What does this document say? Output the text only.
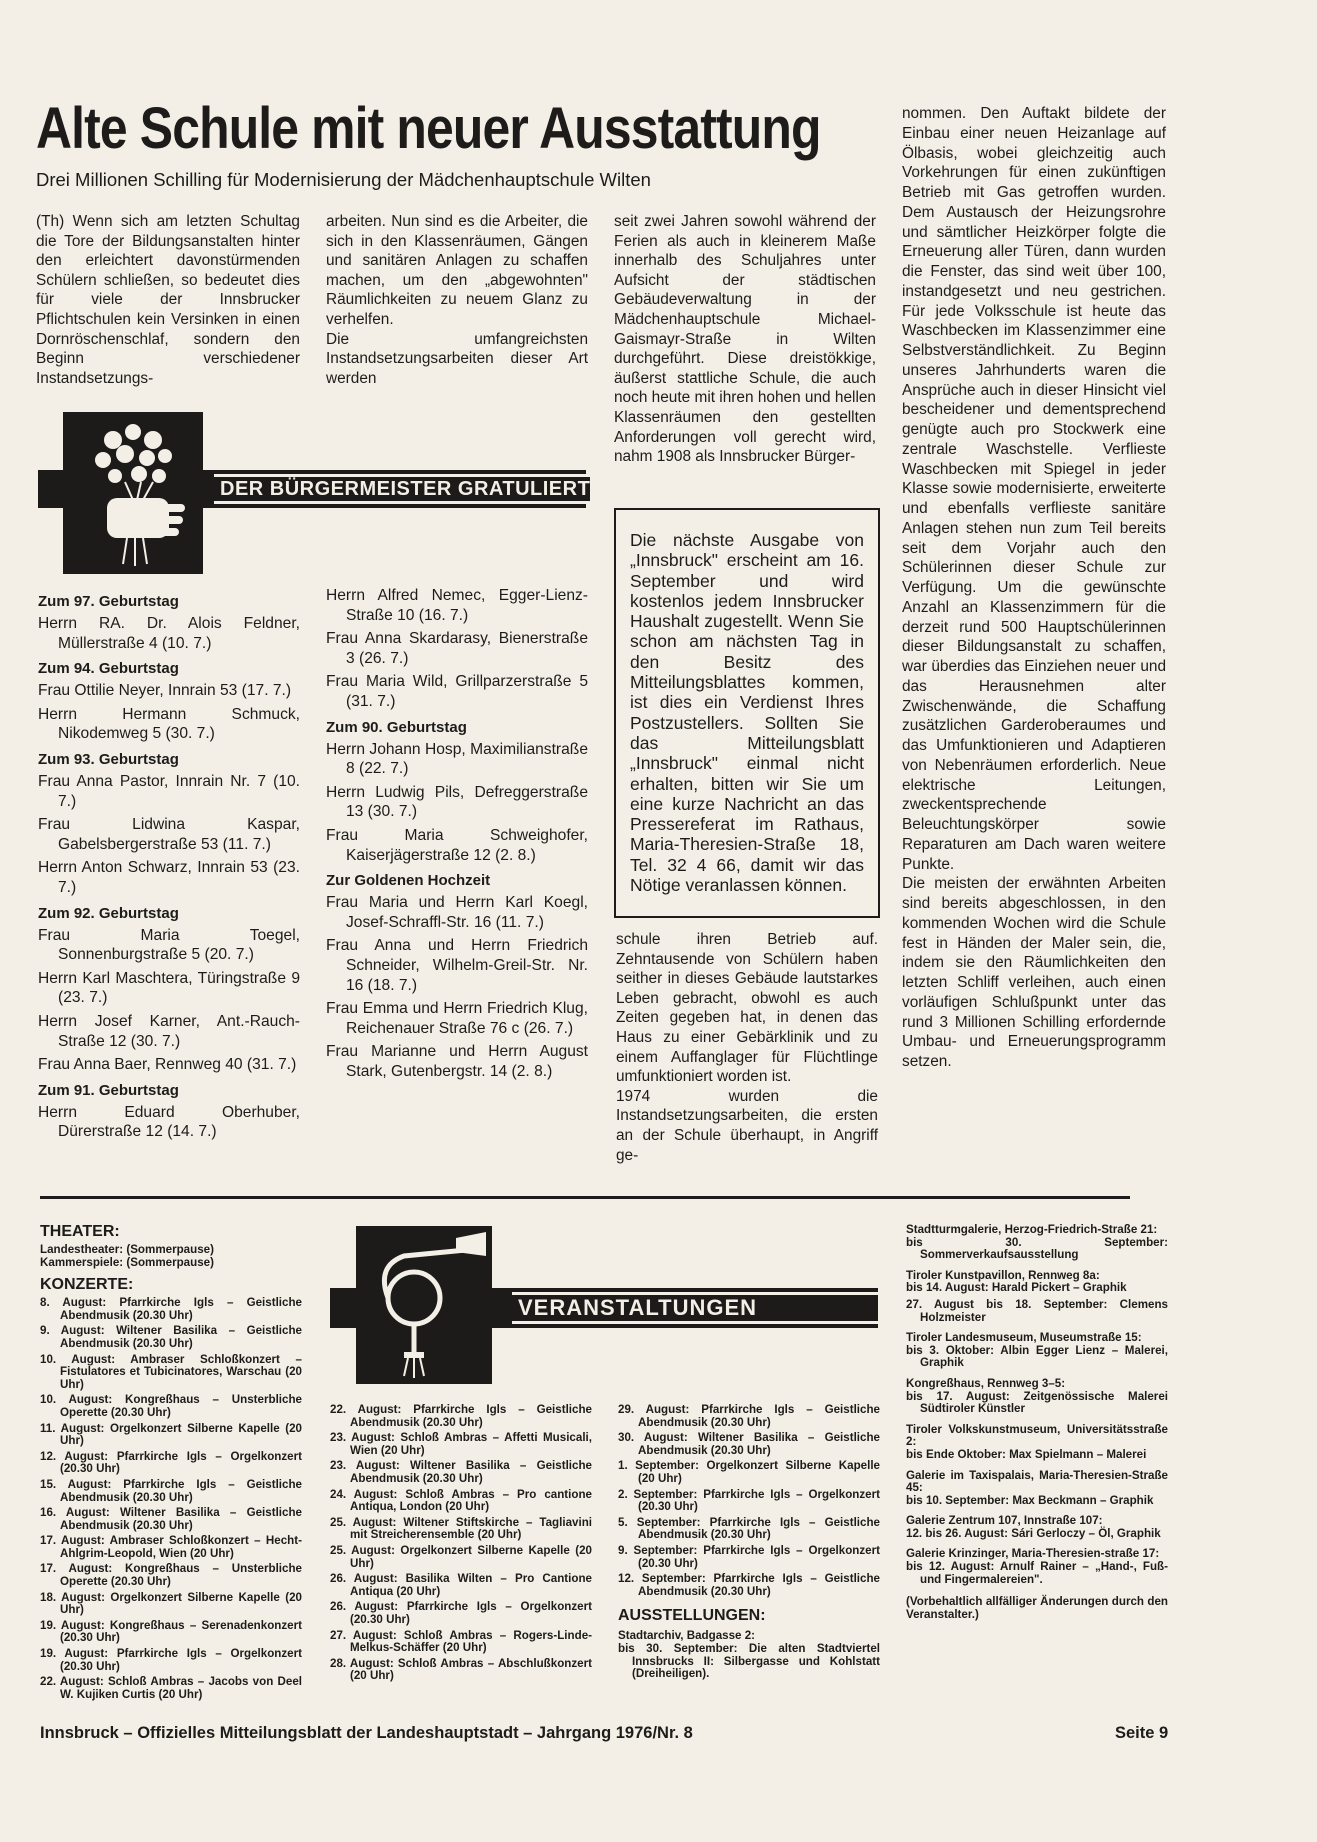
Alte Schule mit neuer Ausstattung
Drei Millionen Schilling für Modernisierung der Mädchenhauptschule Wilten

(Th) Wenn sich am letzten Schultag die Tore der Bildungsanstalten hinter den erleichtert davonstürmenden Schülern schließen, so bedeutet dies für viele der Innsbrucker Pflichtschulen kein Versinken in einen Dornröschenschlaf, sondern den Beginn verschiedener Instandsetzungs-

arbeiten. Nun sind es die Arbeiter, die sich in den Klassenräumen, Gängen und sanitären Anlagen zu schaffen machen, um den „abgewohnten" Räumlichkeiten zu neuem Glanz zu verhelfen.

Die umfangreichsten Instandsetzungsarbeiten dieser Art werden

seit zwei Jahren sowohl während der Ferien als auch in kleinerem Maße innerhalb des Schuljahres unter Aufsicht der städtischen Gebäudeverwaltung in der Mädchenhauptschule Michael-Gaismayr-Straße in Wilten durchgeführt. Diese dreistökkige, äußerst stattliche Schule, die auch noch heute mit ihren hohen und hellen Klassenräumen den gestellten Anforderungen voll gerecht wird, nahm 1908 als Innsbrucker Bürger-

DER BÜRGERMEISTER GRATULIERTE
Zum 97. Geburtstag
Herrn RA. Dr. Alois Feldner, Müllerstraße 4 (10. 7.)
Zum 94. Geburtstag
Frau Ottilie Neyer, Innrain 53 (17. 7.)
Herrn Hermann Schmuck, Nikodemweg 5 (30. 7.)
Zum 93. Geburtstag
Frau Anna Pastor, Innrain Nr. 7 (10. 7.)
Frau Lidwina Kaspar, Gabelsbergerstraße 53 (11. 7.)
Herrn Anton Schwarz, Innrain 53 (23. 7.)
Zum 92. Geburtstag
Frau Maria Toegel, Sonnenburgstraße 5 (20. 7.)
Herrn Karl Maschtera, Türingstraße 9 (23. 7.)
Herrn Josef Karner, Ant.-Rauch-Straße 12 (30. 7.)
Frau Anna Baer, Rennweg 40 (31. 7.)
Zum 91. Geburtstag
Herrn Eduard Oberhuber, Dürerstraße 12 (14. 7.)
Herrn Alfred Nemec, Egger-Lienz-Straße 10 (16. 7.)
Frau Anna Skardarasy, Bienerstraße 3 (26. 7.)
Frau Maria Wild, Grillparzerstraße 5 (31. 7.)
Zum 90. Geburtstag
Herrn Johann Hosp, Maximilianstraße 8 (22. 7.)
Herrn Ludwig Pils, Defreggerstraße 13 (30. 7.)
Frau Maria Schweighofer, Kaiserjägerstraße 12 (2. 8.)
Zur Goldenen Hochzeit
Frau Maria und Herrn Karl Koegl, Josef-Schraffl-Str. 16 (11. 7.)
Frau Anna und Herrn Friedrich Schneider, Wilhelm-Greil-Str. Nr. 16 (18. 7.)
Frau Emma und Herrn Friedrich Klug, Reichenauer Straße 76 c (26. 7.)
Frau Marianne und Herrn August Stark, Gutenbergstr. 14 (2. 8.)
Die nächste Ausgabe von „Innsbruck" erscheint am 16. September und wird kostenlos jedem Innsbrucker Haushalt zugestellt. Wenn Sie schon am nächsten Tag in den Besitz des Mitteilungsblattes kommen, ist dies ein Verdienst Ihres Postzustellers. Sollten Sie das Mitteilungsblatt „Innsbruck" einmal nicht erhalten, bitten wir Sie um eine kurze Nachricht an das Pressereferat im Rathaus, Maria-Theresien-Straße 18, Tel. 32 4 66, damit wir das Nötige veranlassen können.

schule ihren Betrieb auf. Zehntausende von Schülern haben seither in dieses Gebäude lautstarkes Leben gebracht, obwohl es auch Zeiten gegeben hat, in denen das Haus zu einer Gebärklinik und zu einem Auffanglager für Flüchtlinge umfunktioniert worden ist.

1974 wurden die Instandsetzungsarbeiten, die ersten an der Schule überhaupt, in Angriff ge-

nommen. Den Auftakt bildete der Einbau einer neuen Heizanlage auf Ölbasis, wobei gleichzeitig auch Vorkehrungen für einen zukünftigen Betrieb mit Gas getroffen wurden. Dem Austausch der Heizungsrohre und sämtlicher Heizkörper folgte die Erneuerung aller Türen, dann wurden die Fenster, das sind weit über 100, instandgesetzt und neu gestrichen. Für jede Volksschule ist heute das Waschbecken im Klassenzimmer eine Selbstverständlichkeit. Zu Beginn unseres Jahrhunderts waren die Ansprüche auch in dieser Hinsicht viel bescheidener und dementsprechend genügte auch pro Stockwerk eine zentrale Waschstelle. Verflieste Waschbecken mit Spiegel in jeder Klasse sowie modernisierte, erweiterte und ebenfalls verflieste sanitäre Anlagen stehen nun zum Teil bereits seit dem Vorjahr auch den Schülerinnen dieser Schule zur Verfügung. Um die gewünschte Anzahl an Klassenzimmern für die derzeit rund 500 Hauptschülerinnen dieser Bildungsanstalt zu schaffen, war überdies das Einziehen neuer und das Herausnehmen alter Zwischenwände, die Schaffung zusätzlichen Garderoberaumes und das Umfunktionieren und Adaptieren von Nebenräumen erforderlich. Neue elektrische Leitungen, zweckentsprechende Beleuchtungskörper sowie Reparaturen am Dach waren weitere Punkte.

Die meisten der erwähnten Arbeiten sind bereits abgeschlossen, in den kommenden Wochen wird die Schule fest in Händen der Maler sein, die, indem sie den Räumlichkeiten den letzten Schliff verleihen, auch einen vorläufigen Schlußpunkt unter das rund 3 Millionen Schilling erfordernde Umbau- und Erneuerungsprogramm setzen.

THEATER:
Landestheater: (Sommerpause)
Kammerspiele: (Sommerpause)
KONZERTE:
8. August: Pfarrkirche Igls – Geistliche Abendmusik (20.30 Uhr)
9. August: Wiltener Basilika – Geistliche Abendmusik (20.30 Uhr)
10. August: Ambraser Schloßkonzert – Fistulatores et Tubicinatores, Warschau (20 Uhr)
10. August: Kongreßhaus – Unsterbliche Operette (20.30 Uhr)
11. August: Orgelkonzert Silberne Kapelle (20 Uhr)
12. August: Pfarrkirche Igls – Orgelkonzert (20.30 Uhr)
15. August: Pfarrkirche Igls – Geistliche Abendmusik (20.30 Uhr)
16. August: Wiltener Basilika – Geistliche Abendmusik (20.30 Uhr)
17. August: Ambraser Schloßkonzert – Hecht-Ahlgrim-Leopold, Wien (20 Uhr)
17. August: Kongreßhaus – Unsterbliche Operette (20.30 Uhr)
18. August: Orgelkonzert Silberne Kapelle (20 Uhr)
19. August: Kongreßhaus – Serenadenkonzert (20.30 Uhr)
19. August: Pfarrkirche Igls – Orgelkonzert (20.30 Uhr)
22. August: Schloß Ambras – Jacobs von Deel W. Kujiken Curtis (20 Uhr)
VERANSTALTUNGEN
22. August: Pfarrkirche Igls – Geistliche Abendmusik (20.30 Uhr)
23. August: Schloß Ambras – Affetti Musicali, Wien (20 Uhr)
23. August: Wiltener Basilika – Geistliche Abendmusik (20.30 Uhr)
24. August: Schloß Ambras – Pro cantione Antiqua, London (20 Uhr)
25. August: Wiltener Stiftskirche – Tagliavini mit Streicherensemble (20 Uhr)
25. August: Orgelkonzert Silberne Kapelle (20 Uhr)
26. August: Basilika Wilten – Pro Cantione Antiqua (20 Uhr)
26. August: Pfarrkirche Igls – Orgelkonzert (20.30 Uhr)
27. August: Schloß Ambras – Rogers-Linde-Melkus-Schäffer (20 Uhr)
28. August: Schloß Ambras – Abschlußkonzert (20 Uhr)
29. August: Pfarrkirche Igls – Geistliche Abendmusik (20.30 Uhr)
30. August: Wiltener Basilika – Geistliche Abendmusik (20.30 Uhr)
1. September: Orgelkonzert Silberne Kapelle (20 Uhr)
2. September: Pfarrkirche Igls – Orgelkonzert (20.30 Uhr)
5. September: Pfarrkirche Igls – Geistliche Abendmusik (20.30 Uhr)
9. September: Pfarrkirche Igls – Orgelkonzert (20.30 Uhr)
12. September: Pfarrkirche Igls – Geistliche Abendmusik (20.30 Uhr)
AUSSTELLUNGEN:
Stadtarchiv, Badgasse 2:
bis 30. September: Die alten Stadtviertel Innsbrucks II: Silbergasse und Kohlstatt (Dreiheiligen).
Stadtturmgalerie, Herzog-Friedrich-Straße 21:
bis 30. September: Sommerverkaufsausstellung
Tiroler Kunstpavillon, Rennweg 8a:
bis 14. August: Harald Pickert – Graphik
27. August bis 18. September: Clemens Holzmeister
Tiroler Landesmuseum, Museumstraße 15:
bis 3. Oktober: Albin Egger Lienz – Malerei, Graphik
Kongreßhaus, Rennweg 3–5:
bis 17. August: Zeitgenössische Malerei Südtiroler Künstler
Tiroler Volkskunstmuseum, Universitätsstraße 2:
bis Ende Oktober: Max Spielmann – Malerei
Galerie im Taxispalais, Maria-Theresien-Straße 45:
bis 10. September: Max Beckmann – Graphik
Galerie Zentrum 107, Innstraße 107:
12. bis 26. August: Sári Gerloczy – Öl, Graphik
Galerie Krinzinger, Maria-Theresien-straße 17:
bis 12. August: Arnulf Rainer – „Hand-, Fuß- und Fingermalereien".
(Vorbehaltlich allfälliger Änderungen durch den Veranstalter.)
Innsbruck – Offizielles Mitteilungsblatt der Landeshauptstadt – Jahrgang 1976/Nr. 8	Seite 9
